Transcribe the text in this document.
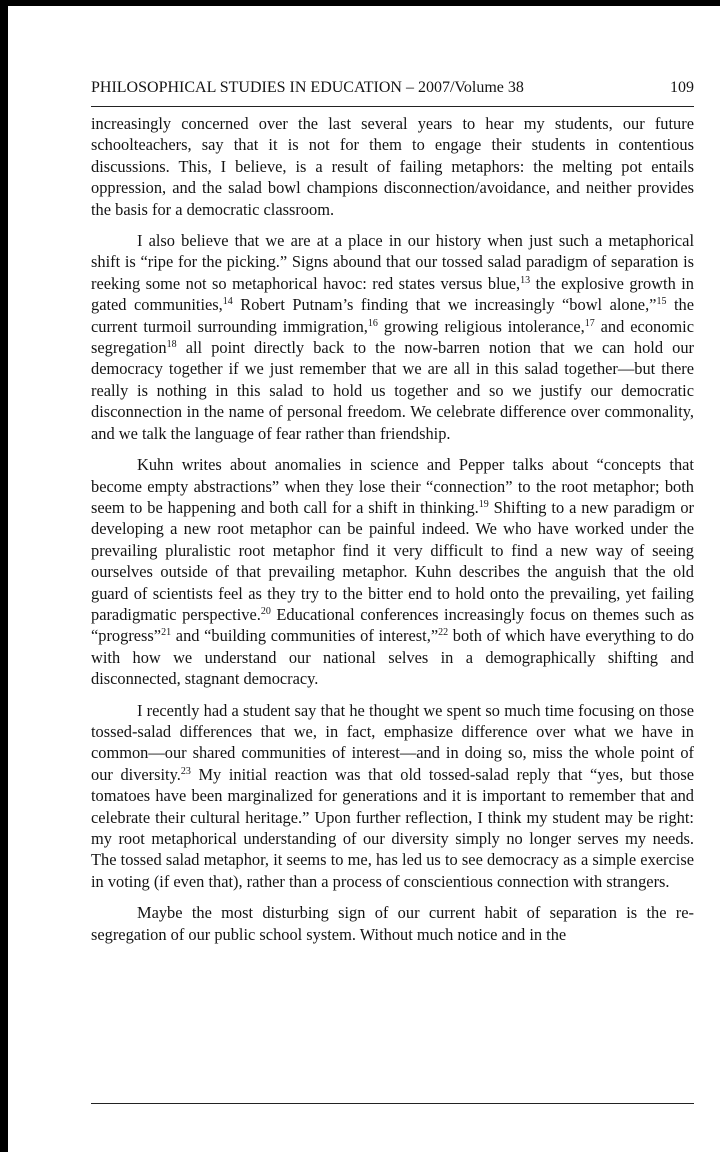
PHILOSOPHICAL STUDIES IN EDUCATION – 2007/Volume 38	109

increasingly concerned over the last several years to hear my students, our future schoolteachers, say that it is not for them to engage their students in contentious discussions. This, I believe, is a result of failing metaphors: the melting pot entails oppression, and the salad bowl champions disconnection/avoidance, and neither provides the basis for a democratic classroom.

I also believe that we are at a place in our history when just such a metaphorical shift is “ripe for the picking.” Signs abound that our tossed salad paradigm of separation is reeking some not so metaphorical havoc: red states versus blue,$^{13}$ the explosive growth in gated communities,$^{14}$ Robert Putnam’s finding that we increasingly “bowl alone,”$^{15}$ the current turmoil surrounding immigration,$^{16}$ growing religious intolerance,$^{17}$ and economic segregation$^{18}$ all point directly back to the now-barren notion that we can hold our democracy together if we just remember that we are all in this salad together—but there really is nothing in this salad to hold us together and so we justify our democratic disconnection in the name of personal freedom. We celebrate difference over commonality, and we talk the language of fear rather than friendship.

Kuhn writes about anomalies in science and Pepper talks about “concepts that become empty abstractions” when they lose their “connection” to the root metaphor; both seem to be happening and both call for a shift in thinking.$^{19}$ Shifting to a new paradigm or developing a new root metaphor can be painful indeed. We who have worked under the prevailing pluralistic root metaphor find it very difficult to find a new way of seeing ourselves outside of that prevailing metaphor. Kuhn describes the anguish that the old guard of scientists feel as they try to the bitter end to hold onto the prevailing, yet failing paradigmatic perspective.$^{20}$ Educational conferences increasingly focus on themes such as “progress”$^{21}$ and “building communities of interest,”$^{22}$ both of which have everything to do with how we understand our national selves in a demographically shifting and disconnected, stagnant democracy.

I recently had a student say that he thought we spent so much time focusing on those tossed-salad differences that we, in fact, emphasize difference over what we have in common—our shared communities of interest—and in doing so, miss the whole point of our diversity.$^{23}$ My initial reaction was that old tossed-salad reply that “yes, but those tomatoes have been marginalized for generations and it is important to remember that and celebrate their cultural heritage.” Upon further reflection, I think my student may be right: my root metaphorical understanding of our diversity simply no longer serves my needs. The tossed salad metaphor, it seems to me, has led us to see democracy as a simple exercise in voting (if even that), rather than a process of conscientious connection with strangers.

Maybe the most disturbing sign of our current habit of separation is the re-segregation of our public school system. Without much notice and in the
